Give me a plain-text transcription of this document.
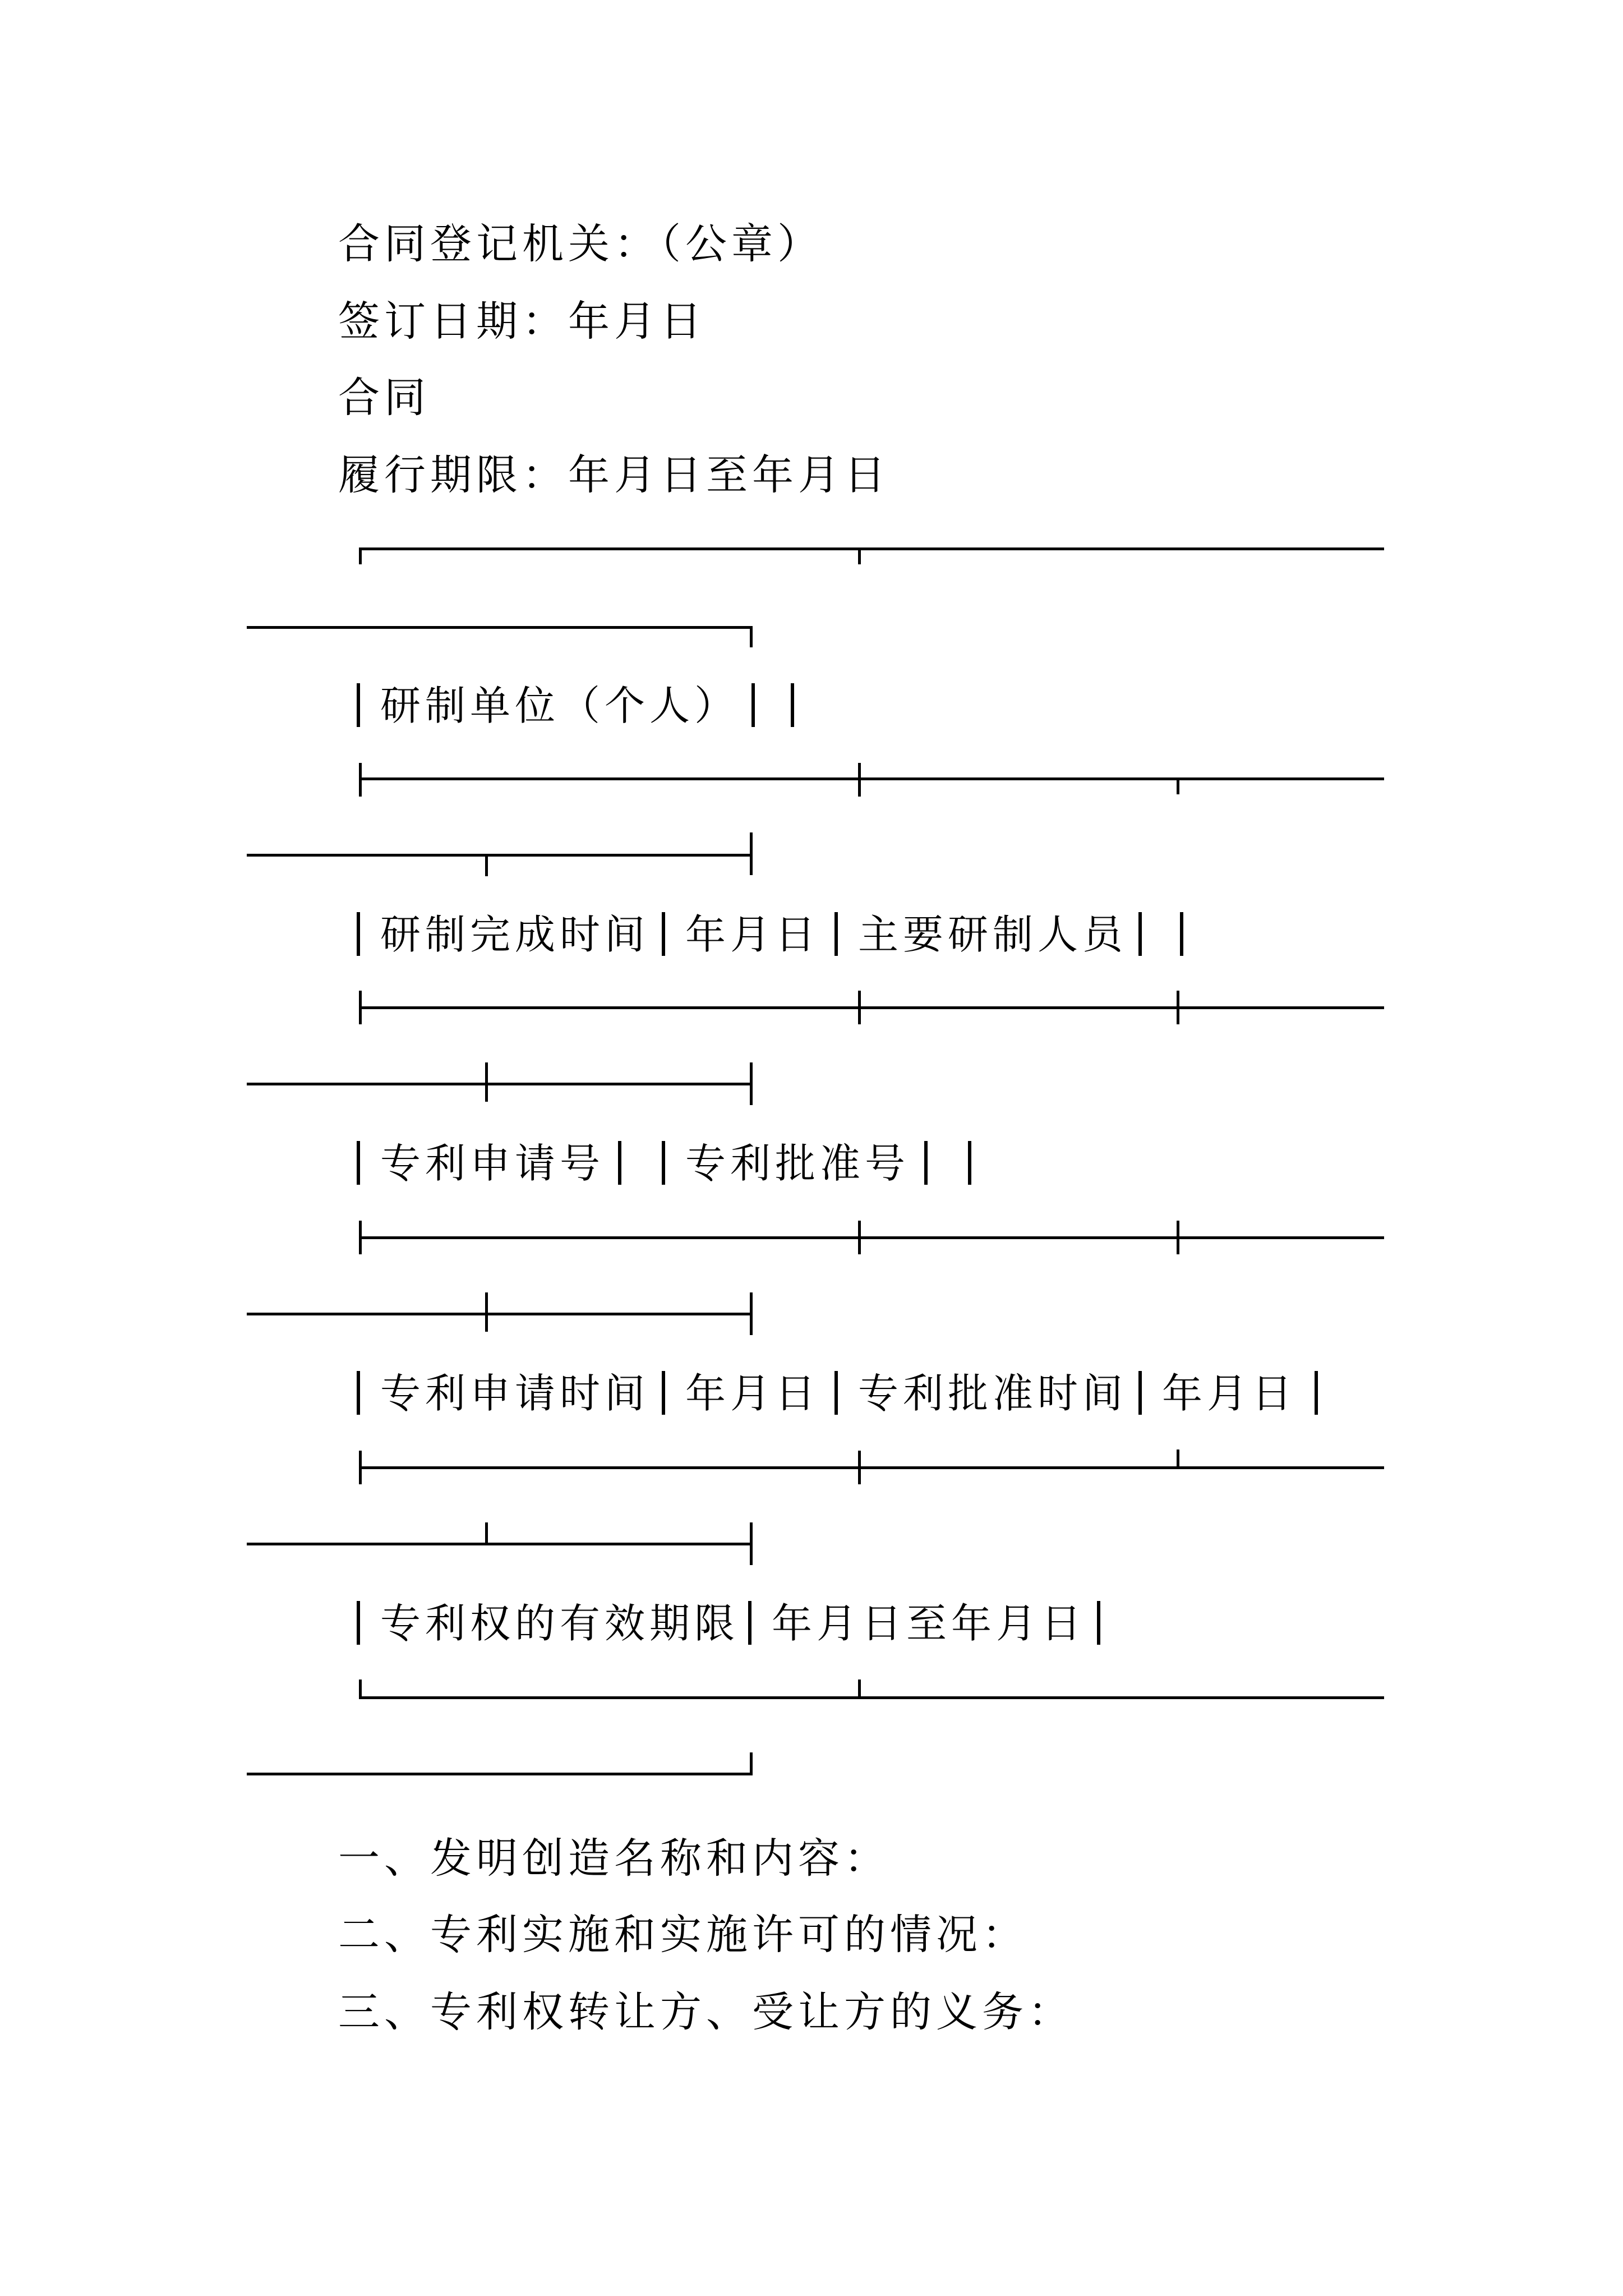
合同登记机关：（公章）
签订日期：年月日
合同
履行期限：年月日至年月日
研制单位（个人）
研制完成时间 年月日 主要研制人员
专利申请号 专利批准号
专利申请时间 年月日 专利批准时间 年月日
专利权的有效期限 年月日至年月日
一、发明创造名称和内容：
二、专利实施和实施许可的情况：
三、专利权转让方、受让方的义务：
